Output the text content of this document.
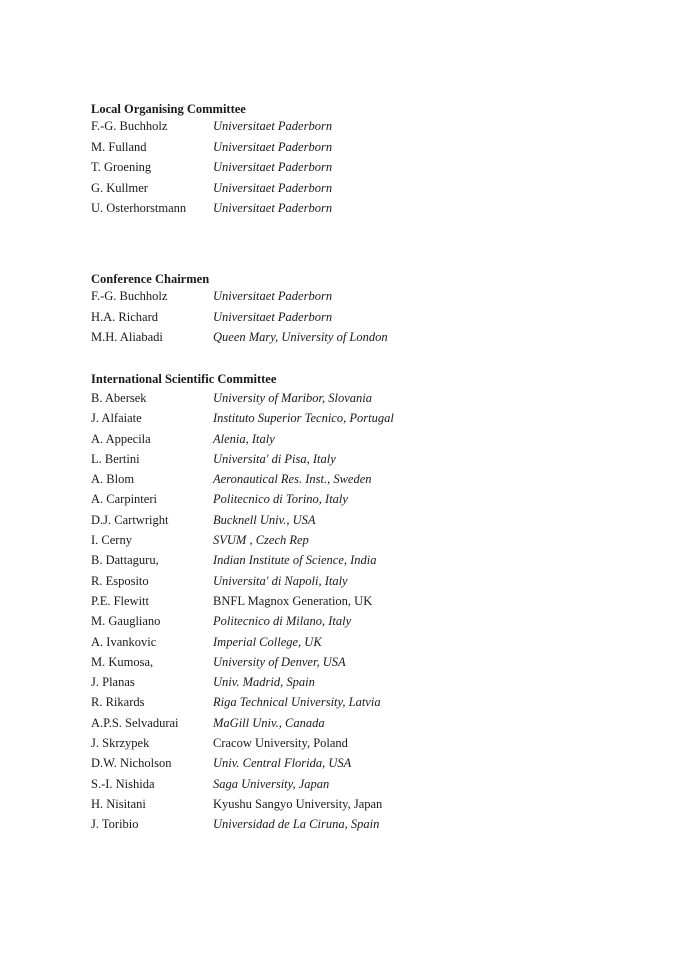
Local Organising Committee
F.-G. Buchholz	Universitaet Paderborn
M. Fulland	Universitaet Paderborn
T. Groening	Universitaet Paderborn
G. Kullmer	Universitaet Paderborn
U. Osterhorstmann	Universitaet Paderborn
Conference Chairmen
F.-G. Buchholz	Universitaet Paderborn
H.A. Richard	Universitaet Paderborn
M.H. Aliabadi	Queen Mary, University of London
International Scientific Committee
B. Abersek	University of Maribor, Slovania
J. Alfaiate	Instituto Superior Tecnico, Portugal
A. Appecila	Alenia, Italy
L. Bertini	Universita' di Pisa, Italy
A. Blom	Aeronautical Res. Inst., Sweden
A. Carpinteri	Politecnico di Torino, Italy
D.J. Cartwright	Bucknell Univ., USA
I. Cerny	SVUM , Czech Rep
B. Dattaguru,	Indian Institute of Science, India
R. Esposito	Universita' di Napoli, Italy
P.E. Flewitt	BNFL Magnox Generation, UK
M. Gaugliano	Politecnico di Milano, Italy
A. Ivankovic	Imperial College, UK
M. Kumosa,	University of Denver, USA
J. Planas	Univ. Madrid, Spain
R. Rikards	Riga Technical University, Latvia
A.P.S. Selvadurai	MaGill Univ., Canada
J. Skrzypek	Cracow University, Poland
D.W. Nicholson	Univ. Central Florida, USA
S.-I. Nishida	Saga University, Japan
H. Nisitani	Kyushu Sangyo University, Japan
J. Toribio	Universidad de La Ciruna, Spain
